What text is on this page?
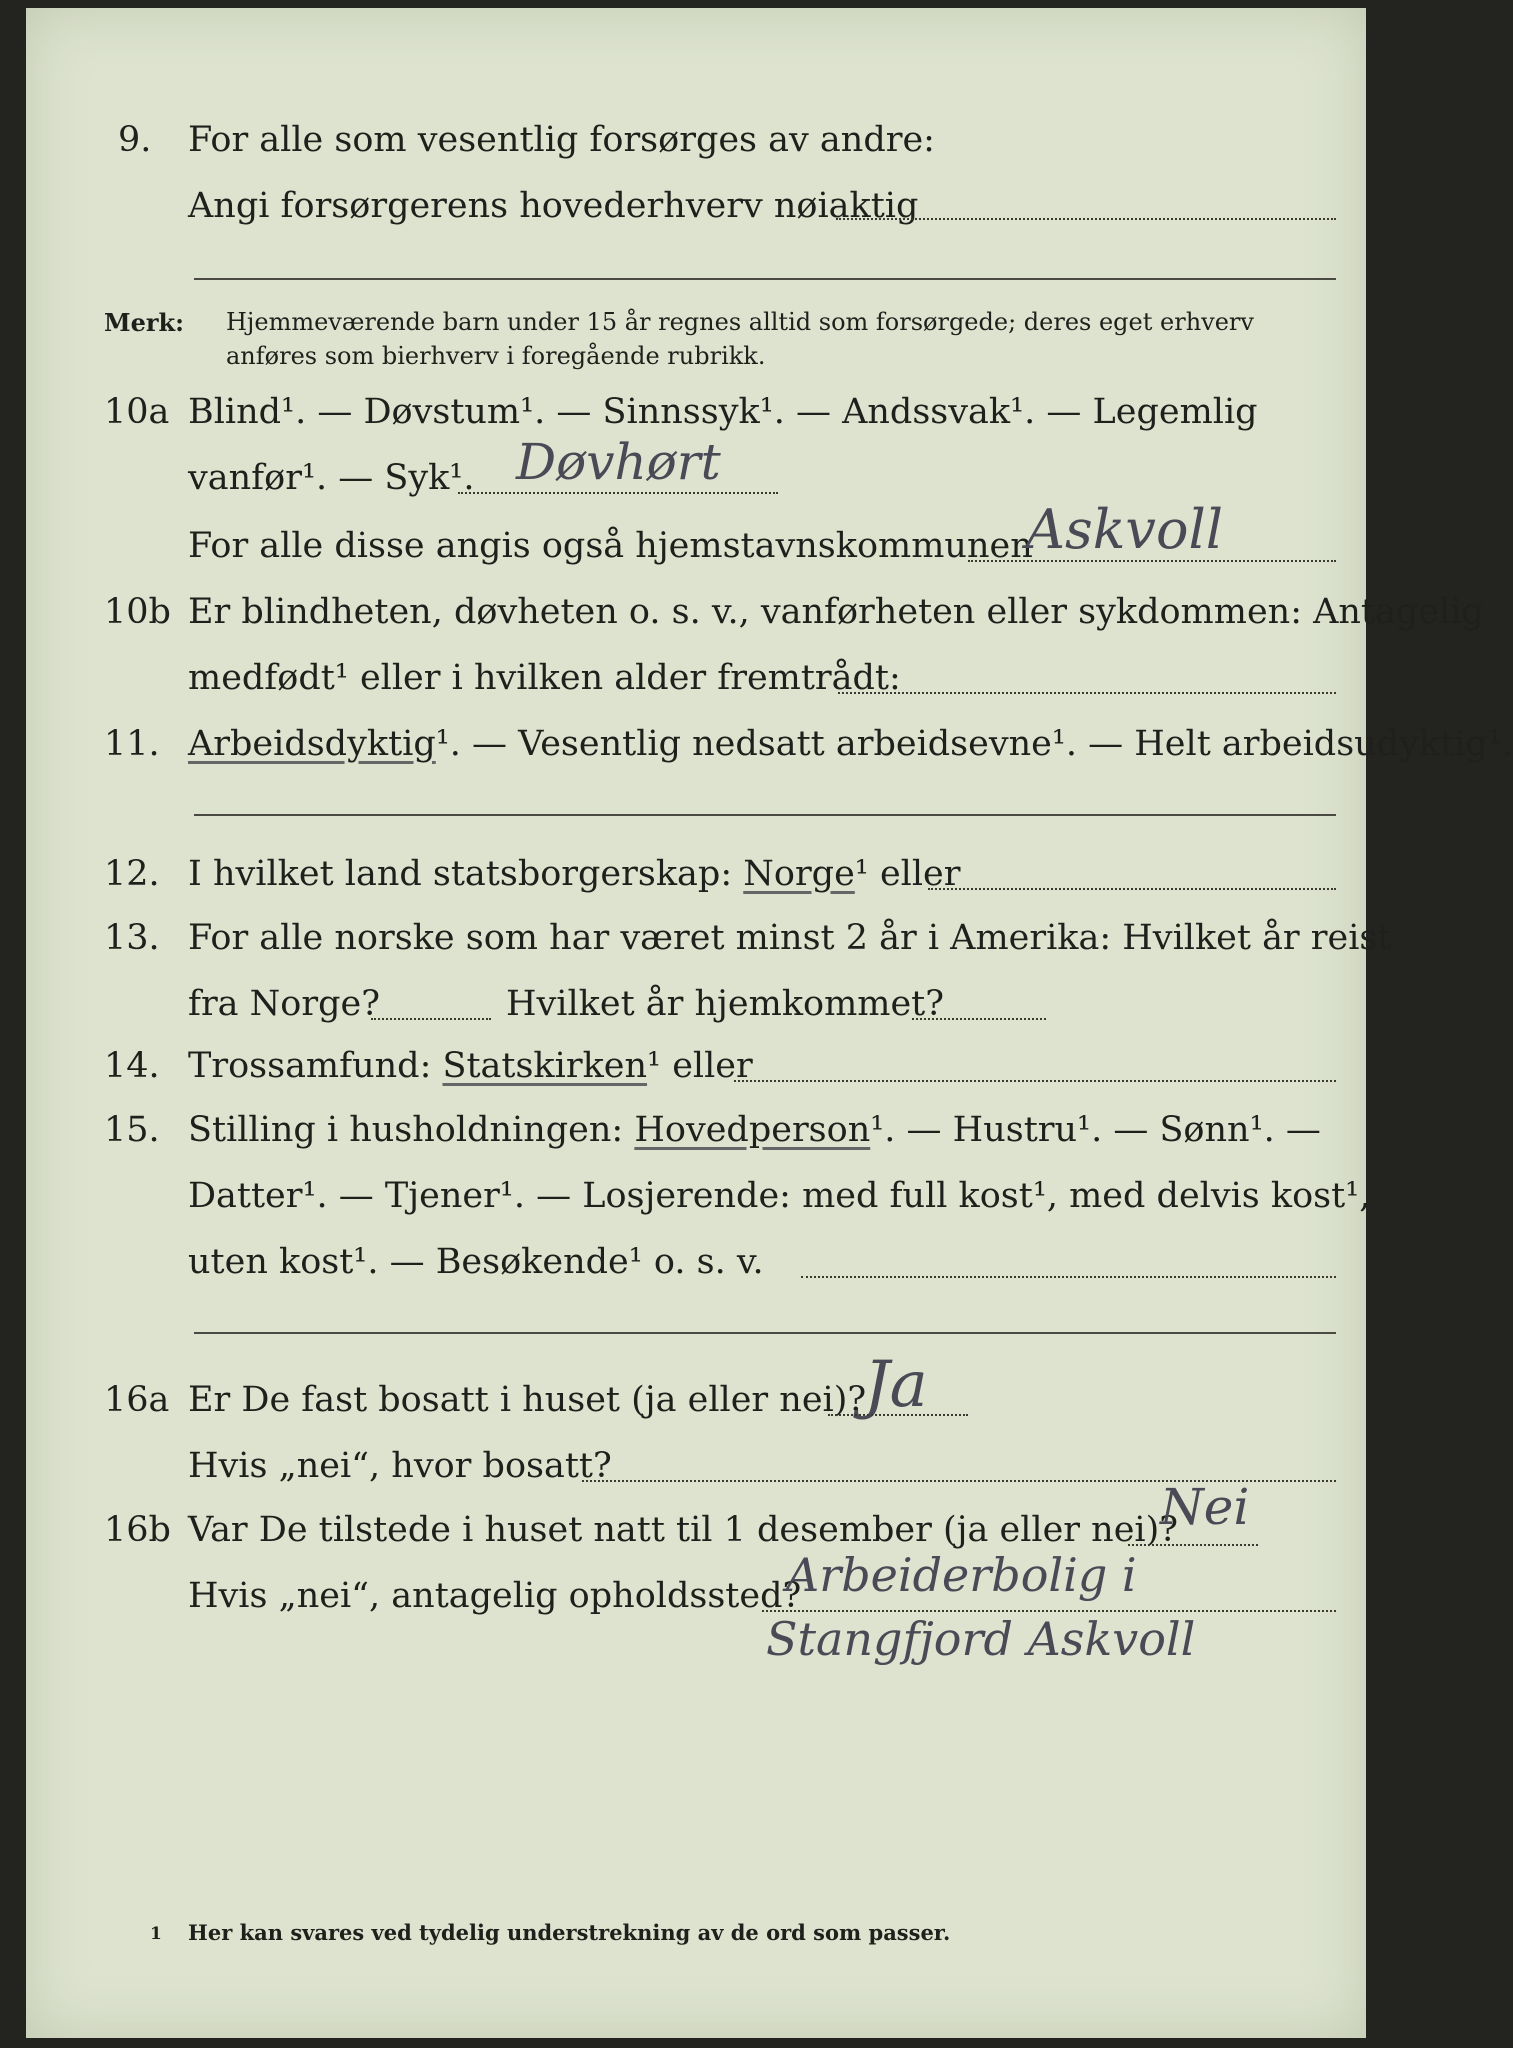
9. For alle som vesentlig forsørges av andre:
Angi forsørgerens hovederhverv nøiaktig
Merk: Hjemmeværende barn under 15 år regnes alltid som forsørgede; deres eget erhverv
anføres som bierhverv i foregående rubrikk.
10a Blind¹. — Døvstum¹. — Sinnssyk¹. — Andssvak¹. — Legemlig
vanfør¹. — Syk¹. Døvhørt
For alle disse angis også hjemstavnskommunen
Askvoll
10b Er blindheten, døvheten o. s. v., vanførheten eller sykdommen: Antagelig
medfødt¹ eller i hvilken alder fremtrådt:
11. Arbeidsdyktig¹. — Vesentlig nedsatt arbeidsevne¹. — Helt arbeidsudyktig¹.
12. I hvilket land statsborgerskap: Norge¹ eller
13. For alle norske som har været minst 2 år i Amerika: Hvilket år reist
fra Norge?	Hvilket år hjemkommet?
14. Trossamfund: Statskirken¹ eller
15. Stilling i husholdningen: Hovedperson¹. — Hustru¹. — Sønn¹. —
Datter¹. — Tjener¹. — Losjerende: med full kost¹, med delvis kost¹,
uten kost¹. — Besøkende¹ o. s. v.
16a Er De fast bosatt i huset (ja eller nei)?
Ja
Hvis „nei“, hvor bosatt?
16b Var De tilstede i huset natt til 1 desember (ja eller nei)?
Nei
Hvis „nei“, antagelig opholdssted?
Arbeiderbolig i
Stangfjord Askvoll
1 Her kan svares ved tydelig understrekning av de ord som passer.
